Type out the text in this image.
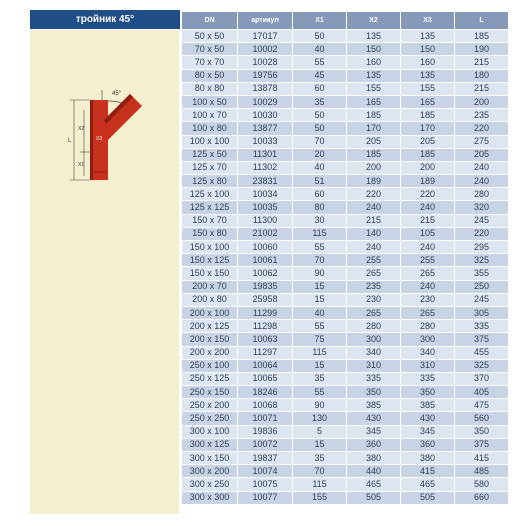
тройник 45°
45°
L
X2
X3
X1
DN	артикул	X1	X2	X3	L
50 x 50	17017	50	135	135	185
70 x 50	10002	40	150	150	190
70 x 70	10028	55	160	160	215
80 x 50	19756	45	135	135	180
80 x 80	13878	60	155	155	215
100 x 50	10029	35	165	165	200
100 x 70	10030	50	185	185	235
100 x 80	13877	50	170	170	220
100 x 100	10033	70	205	205	275
125 x 50	11301	20	185	185	205
125 x 70	11302	40	200	200	240
125 x 80	23831	51	189	189	240
125 x 100	10034	60	220	220	280
125 x 125	10035	80	240	240	320
150 x 70	11300	30	215	215	245
150 x 80	21002	115	140	105	220
150 x 100	10060	55	240	240	295
150 x 125	10061	70	255	255	325
150 x 150	10062	90	265	265	355
200 x 70	19835	15	235	240	250
200 x 80	25958	15	230	230	245
200 x 100	11299	40	265	265	305
200 x 125	11298	55	280	280	335
200 x 150	10063	75	300	300	375
200 x 200	11297	115	340	340	455
250 x 100	10064	15	310	310	325
250 x 125	10065	35	335	335	370
250 x 150	18246	55	350	350	405
250 x 200	10068	90	385	385	475
250 x 250	10071	130	430	430	560
300 x 100	19836	5	345	345	350
300 x 125	10072	15	360	360	375
300 x 150	19837	35	380	380	415
300 x 200	10074	70	440	415	485
300 x 250	10075	115	465	465	580
300 x 300	10077	155	505	505	660
